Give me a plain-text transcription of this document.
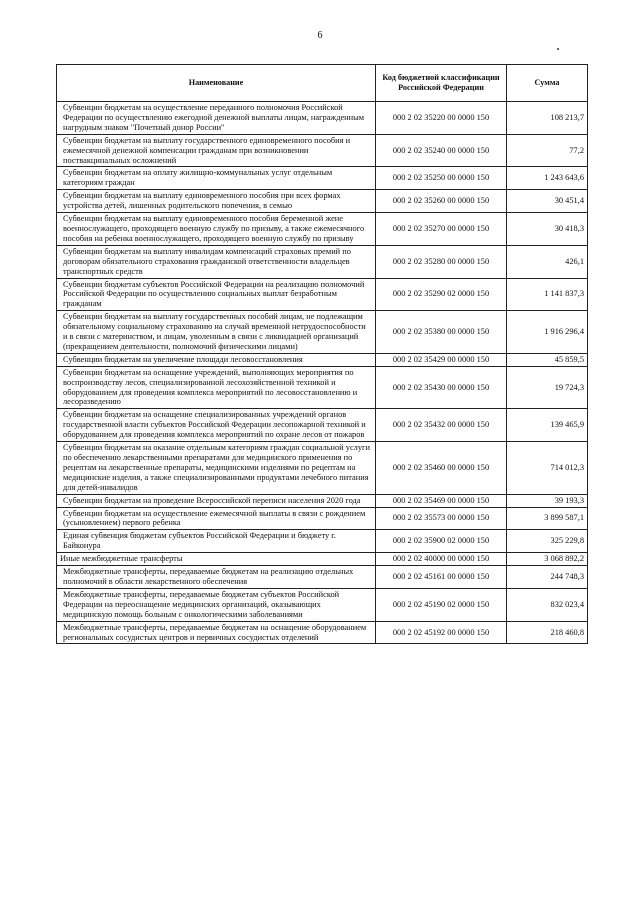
6
Наименование	Код бюджетной классификации Российской Федерации	Сумма
Субвенции бюджетам на осуществление переданного полномочия Российской Федерации по осуществлению ежегодной денежной выплаты лицам, награжденным нагрудным знаком "Почетный донор России"	000 2 02 35220 00 0000 150	108 213,7
Субвенции бюджетам на выплату государственного единовременного пособия и ежемесячной денежной компенсации гражданам при возникновении поствакцинальных осложнений	000 2 02 35240 00 0000 150	77,2
Субвенции бюджетам на оплату жилищно-коммунальных услуг отдельным категориям граждан	000 2 02 35250 00 0000 150	1 243 643,6
Субвенции бюджетам на выплату единовременного пособия при всех формах устройства детей, лишенных родительского попечения, в семью	000 2 02 35260 00 0000 150	30 451,4
Субвенции бюджетам на выплату единовременного пособия беременной жене военнослужащего, проходящего военную службу по призыву, а также ежемесячного пособия на ребенка военнослужащего, проходящего военную службу по призыву	000 2 02 35270 00 0000 150	30 418,3
Субвенции бюджетам на выплату инвалидам компенсаций страховых премий по договорам обязательного страхования гражданской ответственности владельцев транспортных средств	000 2 02 35280 00 0000 150	426,1
Субвенции бюджетам субъектов Российской Федерации на реализацию полномочий Российской Федерации по осуществлению социальных выплат безработным гражданам	000 2 02 35290 02 0000 150	1 141 837,3
Субвенции бюджетам на выплату государственных пособий лицам, не подлежащим обязательному социальному страхованию на случай временной нетрудоспособности и в связи с материнством, и лицам, уволенным в связи с ликвидацией организаций (прекращением деятельности, полномочий физическими лицами)	000 2 02 35380 00 0000 150	1 916 296,4
Субвенции бюджетам на увеличение площади лесовосстановления	000 2 02 35429 00 0000 150	45 859,5
Субвенции бюджетам на оснащение учреждений, выполняющих мероприятия по воспроизводству лесов, специализированной лесохозяйственной техникой и оборудованием для проведения комплекса мероприятий по лесовосстановлению и лесоразведению	000 2 02 35430 00 0000 150	19 724,3
Субвенции бюджетам на оснащение специализированных учреждений органов государственной власти субъектов Российской Федерации лесопожарной техникой и оборудованием для проведения комплекса мероприятий по охране лесов от пожаров	000 2 02 35432 00 0000 150	139 465,9
Субвенции бюджетам на оказание отдельным категориям граждан социальной услуги по обеспечению лекарственными препаратами для медицинского применения по рецептам на лекарственные препараты, медицинскими изделиями по рецептам на медицинские изделия, а также специализированными продуктами лечебного питания для детей-инвалидов	000 2 02 35460 00 0000 150	714 012,3
Субвенции бюджетам на проведение Всероссийской переписи населения 2020 года	000 2 02 35469 00 0000 150	39 193,3
Субвенции бюджетам на осуществление ежемесячной выплаты в связи с рождением (усыновлением) первого ребенка	000 2 02 35573 00 0000 150	3 899 587,1
Единая субвенция бюджетам субъектов Российской Федерации и бюджету г. Байконура	000 2 02 35900 02 0000 150	325 229,8
Иные межбюджетные трансферты	000 2 02 40000 00 0000 150	3 068 892,2
Межбюджетные трансферты, передаваемые бюджетам на реализацию отдельных полномочий в области лекарственного обеспечения	000 2 02 45161 00 0000 150	244 748,3
Межбюджетные трансферты, передаваемые бюджетам субъектов Российской Федерации на переоснащение медицинских организаций, оказывающих медицинскую помощь больным с онкологическими заболеваниями	000 2 02 45190 02 0000 150	832 023,4
Межбюджетные трансферты, передаваемые бюджетам на оснащение оборудованием региональных сосудистых центров и первичных сосудистых отделений	000 2 02 45192 00 0000 150	218 460,8
